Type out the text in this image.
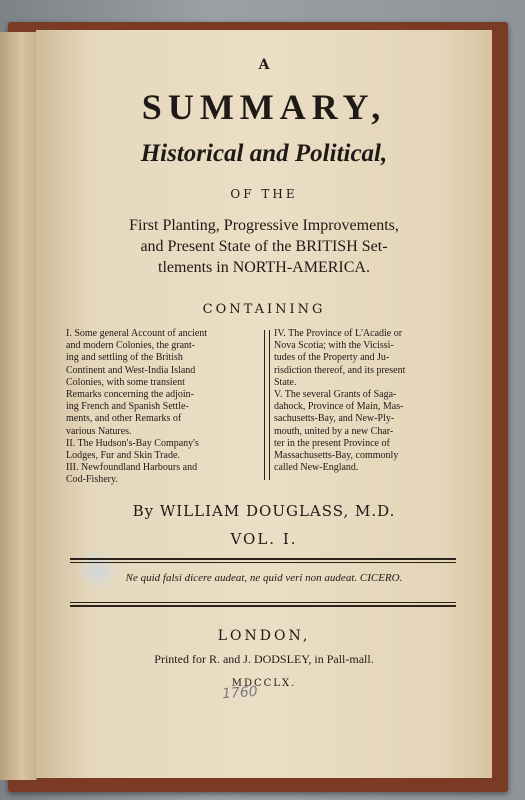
A
SUMMARY,
Historical and Political,
OF THE
First Planting, Progressive Improvements,
and Present State of the BRITISH Set-
tlements in NORTH-AMERICA.
CONTAINING
I. Some general Account of ancient
and modern Colonies, the grant-
ing and settling of the British
Continent and West-India Island
Colonies, with some transient
Remarks concerning the adjoin-
ing French and Spanish Settle-
ments, and other Remarks of
various Natures.
II. The Hudson's-Bay Company's
Lodges, Fur and Skin Trade.
III. Newfoundland Harbours and
Cod-Fishery.
IV. The Province of L'Acadie or
Nova Scotia; with the Vicissi-
tudes of the Property and Ju-
risdiction thereof, and its present
State.
V. The several Grants of Saga-
dahock, Province of Main, Mas-
sachusetts-Bay, and New-Ply-
mouth, united by a new Char-
ter in the present Province of
Massachusetts-Bay, commonly
called New-England.
By WILLIAM DOUGLASS, M.D.
VOL. I.
Ne quid falsi dicere audeat, ne quid veri non audeat. CICERO.
LONDON,
Printed for R. and J. DODSLEY, in Pall-mall.
MDCCLX.
1760
